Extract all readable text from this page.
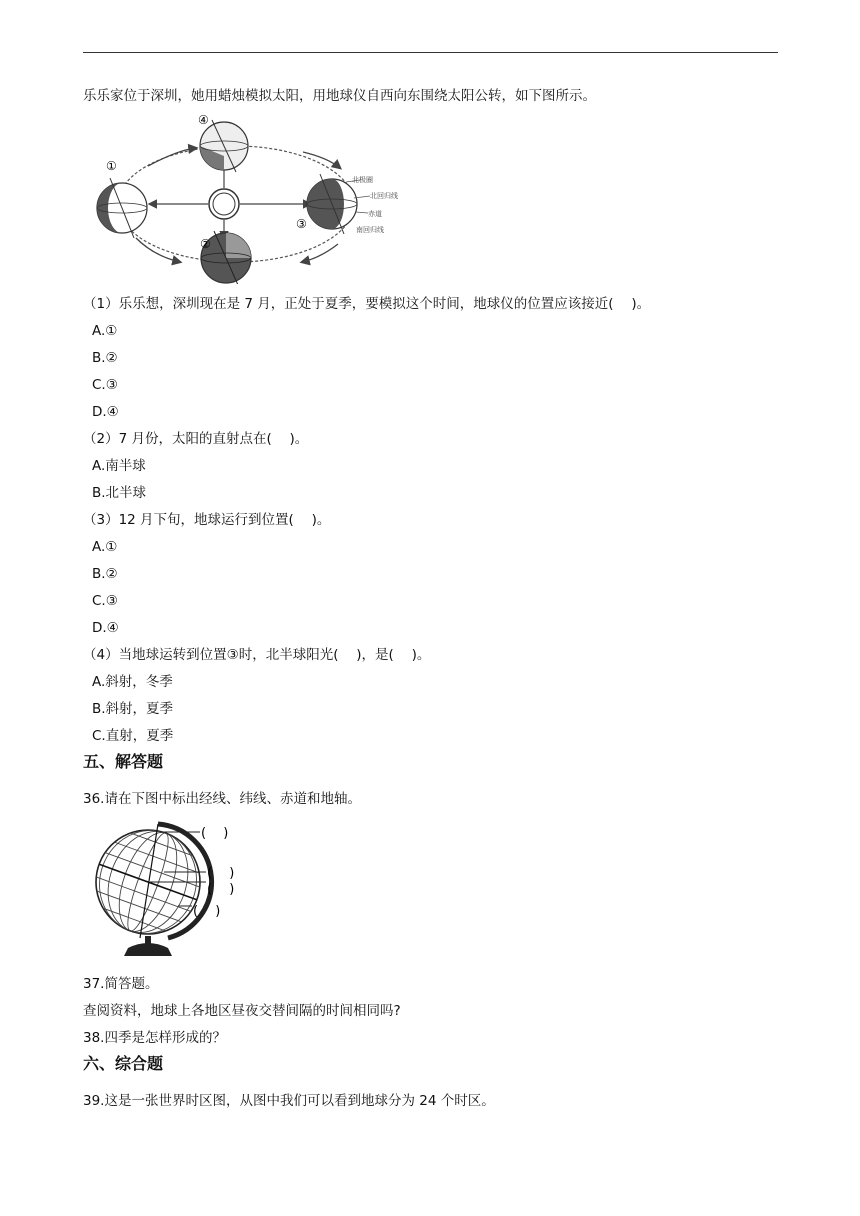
乐乐家位于深圳，她用蜡烛模拟太阳，用地球仪自西向东围绕太阳公转，如下图所示。
①
④
②
③
北极圈
北回归线
赤道
南回归线
（1）乐乐想，深圳现在是 7 月，正处于夏季，要模拟这个时间，地球仪的位置应该接近(　 )。
A.①
B.②
C.③
D.④
（2）7 月份，太阳的直射点在(　 )。
A.南半球
B.北半球
（3）12 月下旬，地球运行到位置(　 )。
A.①
B.②
C.③
D.④
（4）当地球运转到位置③时，北半球阳光(　 )，是(　 )。
A.斜射，冬季
B.斜射，夏季
C.直射，夏季
五、解答题
36.请在下图中标出经线、纬线、赤道和地轴。
(　 )
(　 )
(　 )
(　 )
37.简答题。
查阅资料，地球上各地区昼夜交替间隔的时间相同吗?
38.四季是怎样形成的？
六、综合题
39.这是一张世界时区图，从图中我们可以看到地球分为 24 个时区。
